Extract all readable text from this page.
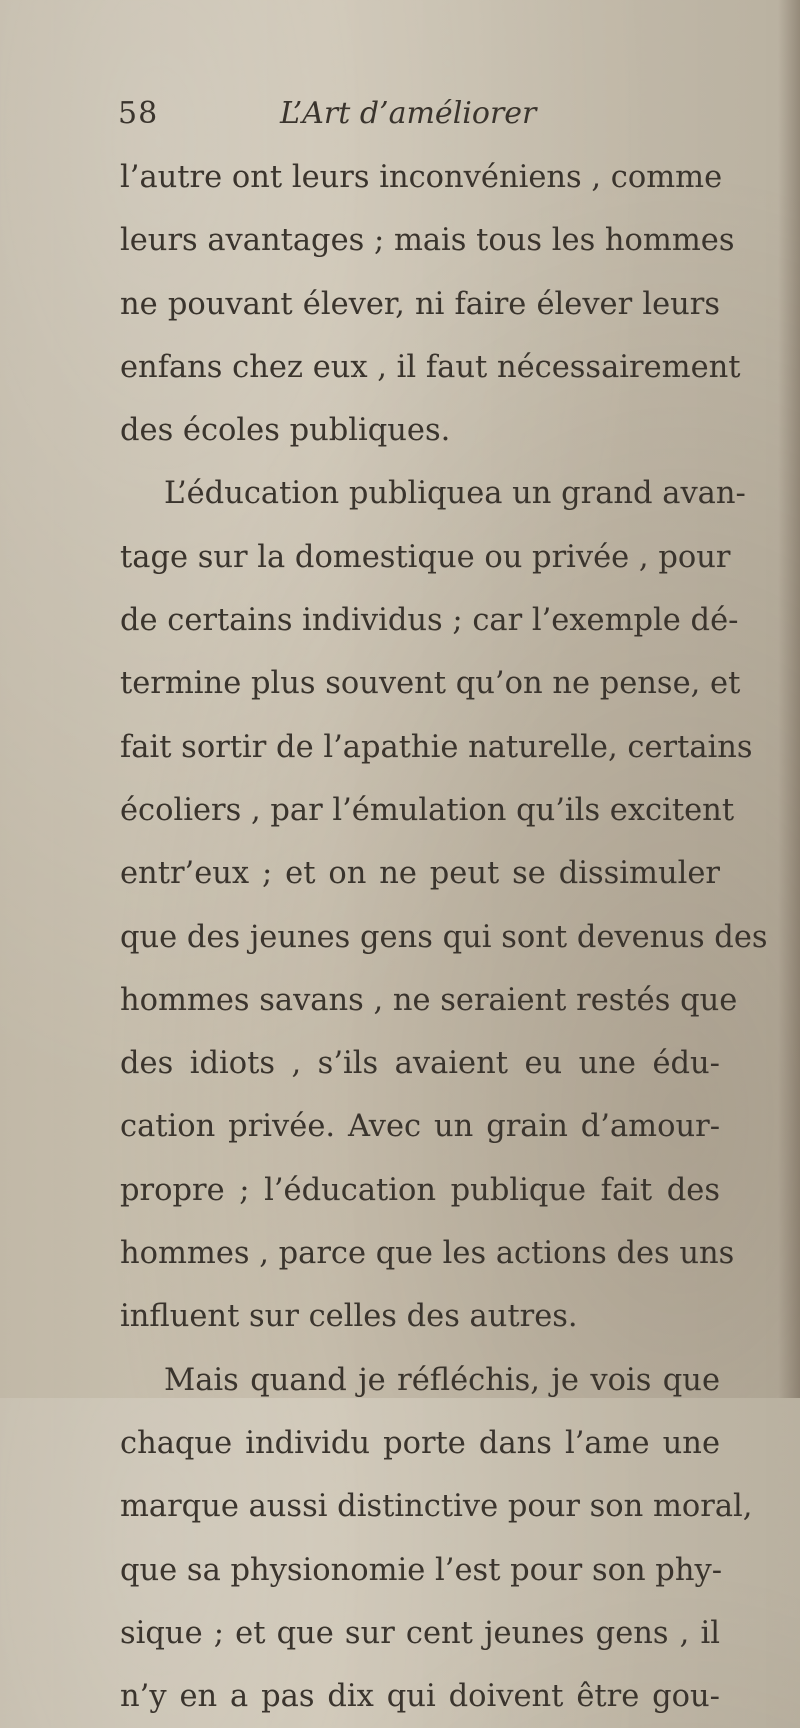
58	L’Art d’améliorer
l’autre ont leurs inconvéniens , comme
leurs avantages ; mais tous les hommes
ne pouvant élever, ni faire élever leurs
enfans chez eux , il faut nécessairement
des écoles publiques.
L’éducation publiquea un grand avan-
tage sur la domestique ou privée , pour
de certains individus ; car l’exemple dé-
termine plus souvent qu’on ne pense, et
fait sortir de l’apathie naturelle, certains
écoliers , par l’émulation qu’ils excitent
entr’eux ; et on ne peut se dissimuler
que des jeunes gens qui sont devenus des
hommes savans , ne seraient restés que
des idiots , s’ils avaient eu une édu-
cation privée. Avec un grain d’amour-
propre ; l’éducation publique fait des
hommes , parce que les actions des uns
influent sur celles des autres.
Mais quand je réfléchis, je vois que
chaque individu porte dans l’ame une
marque aussi distinctive pour son moral,
que sa physionomie l’est pour son phy-
sique ; et que sur cent jeunes gens , il
n’y en a pas dix qui doivent être gou-
